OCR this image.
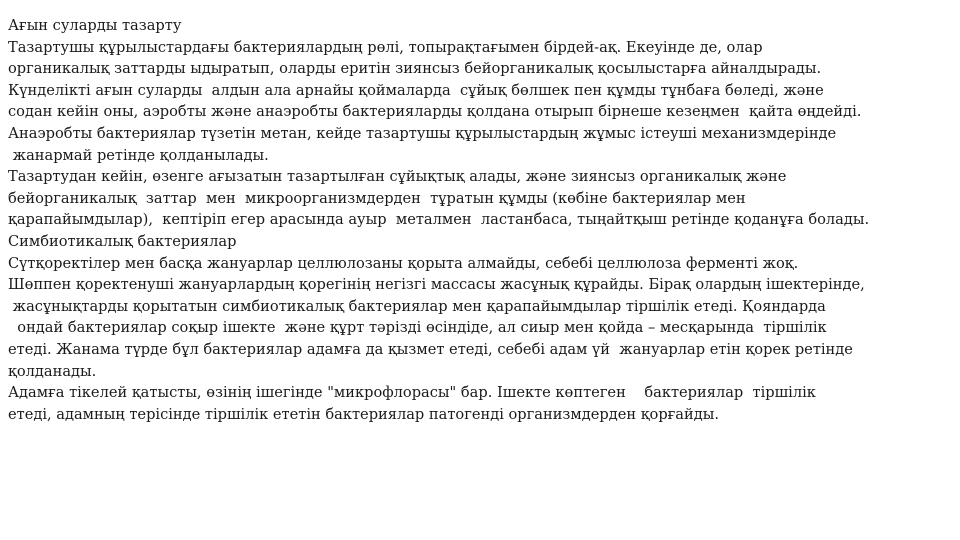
Ағын суларды тазарту
Тазартушы құрылыстардағы бактериялардың рөлі, топырақтағымен бірдей-ақ. Екеуінде де, олар
органикалық заттарды ыдыратып, оларды еритін зиянсыз бейорганикалық қосылыстарға айналдырады.
Күнделікті ағын суларды  алдын ала арнайы қоймаларда  сұйық бөлшек пен құмды тұнбаға бөледі, және
содан кейін оны, аэробты және анаэробты бактерияларды қолдана отырып бірнеше кезеңмен  қайта өңдейді.
Анаэробты бактериялар түзетін метан, кейде тазартушы құрылыстардың жұмыс істеуші механизмдерінде
жанармай ретінде қолданылады.
Тазартудан кейін, өзенге ағызатын тазартылған сұйықтық алады, және зиянсыз органикалық және
бейорганикалық  заттар  мен  микроорганизмдерден  тұратын құмды (көбіне бактериялар мен
қарапайымдылар),  кептіріп егер арасында ауыр  металмен  ластанбаса, тыңайтқыш ретінде қоданұға болады.
Симбиотикалық бактериялар
Сүтқоректілер мен басқа жануарлар целлюлозаны қорыта алмайды, себебі целлюлоза ферменті жоқ.
Шөппен қоректенуші жануарлардың қорегінің негізгі массасы жасұнық құрайды. Бірақ олардың ішектерінде,
жасұнықтарды қорытатын симбиотикалық бактериялар мен қарапайымдылар тіршілік етеді. Қояндарда
ондай бактериялар соқыр ішекте  және құрт тәрізді өсіндіде, ал сиыр мен қойда – месқарында  тіршілік
етеді. Жанама түрде бұл бактериялар адамға да қызмет етеді, себебі адам үй  жануарлар етін қорек ретінде
қолданады.
Адамға тікелей қатысты, өзінің ішегінде "микрофлорасы" бар. Ішекте көптеген    бактериялар  тіршілік
етеді, адамның терісінде тіршілік ететін бактериялар патогенді организмдерден қорғайды.
